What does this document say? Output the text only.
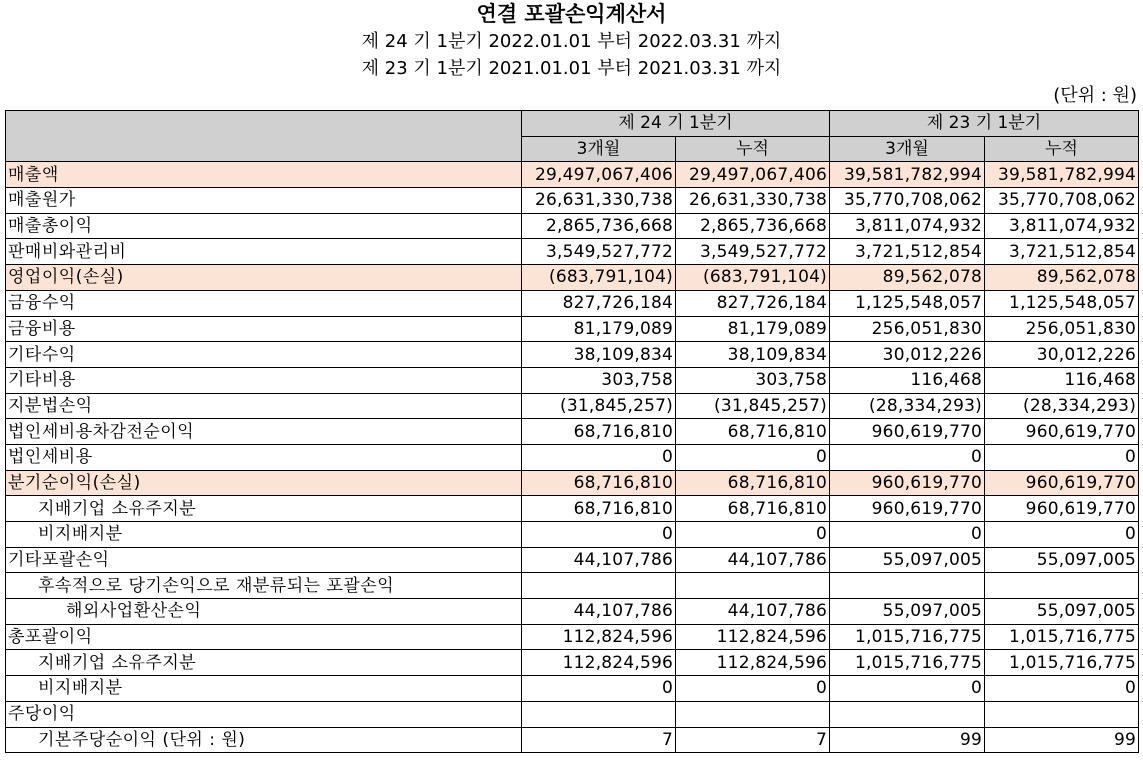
연결 포괄손익계산서
제 24 기 1분기 2022.01.01 부터 2022.03.31 까지
제 23 기 1분기 2021.01.01 부터 2021.03.31 까지
(단위 : 원)
	제 24 기 1분기		제 23 기 1분기	
	3개월	누적	3개월	누적
매출액	29,497,067,406	29,497,067,406	39,581,782,994	39,581,782,994
매출원가	26,631,330,738	26,631,330,738	35,770,708,062	35,770,708,062
매출총이익	2,865,736,668	2,865,736,668	3,811,074,932	3,811,074,932
판매비와관리비	3,549,527,772	3,549,527,772	3,721,512,854	3,721,512,854
영업이익(손실)	(683,791,104)	(683,791,104)	89,562,078	89,562,078
금융수익	827,726,184	827,726,184	1,125,548,057	1,125,548,057
금융비용	81,179,089	81,179,089	256,051,830	256,051,830
기타수익	38,109,834	38,109,834	30,012,226	30,012,226
기타비용	303,758	303,758	116,468	116,468
지분법손익	(31,845,257)	(31,845,257)	(28,334,293)	(28,334,293)
법인세비용차감전순이익	68,716,810	68,716,810	960,619,770	960,619,770
법인세비용	0	0	0	0
분기순이익(손실)	68,716,810	68,716,810	960,619,770	960,619,770
지배기업 소유주지분	68,716,810	68,716,810	960,619,770	960,619,770
비지배지분	0	0	0	0
기타포괄손익	44,107,786	44,107,786	55,097,005	55,097,005
후속적으로 당기손익으로 재분류되는 포괄손익				
해외사업환산손익	44,107,786	44,107,786	55,097,005	55,097,005
총포괄이익	112,824,596	112,824,596	1,015,716,775	1,015,716,775
지배기업 소유주지분	112,824,596	112,824,596	1,015,716,775	1,015,716,775
비지배지분	0	0	0	0
주당이익				
기본주당순이익 (단위 : 원)	7	7	99	99
